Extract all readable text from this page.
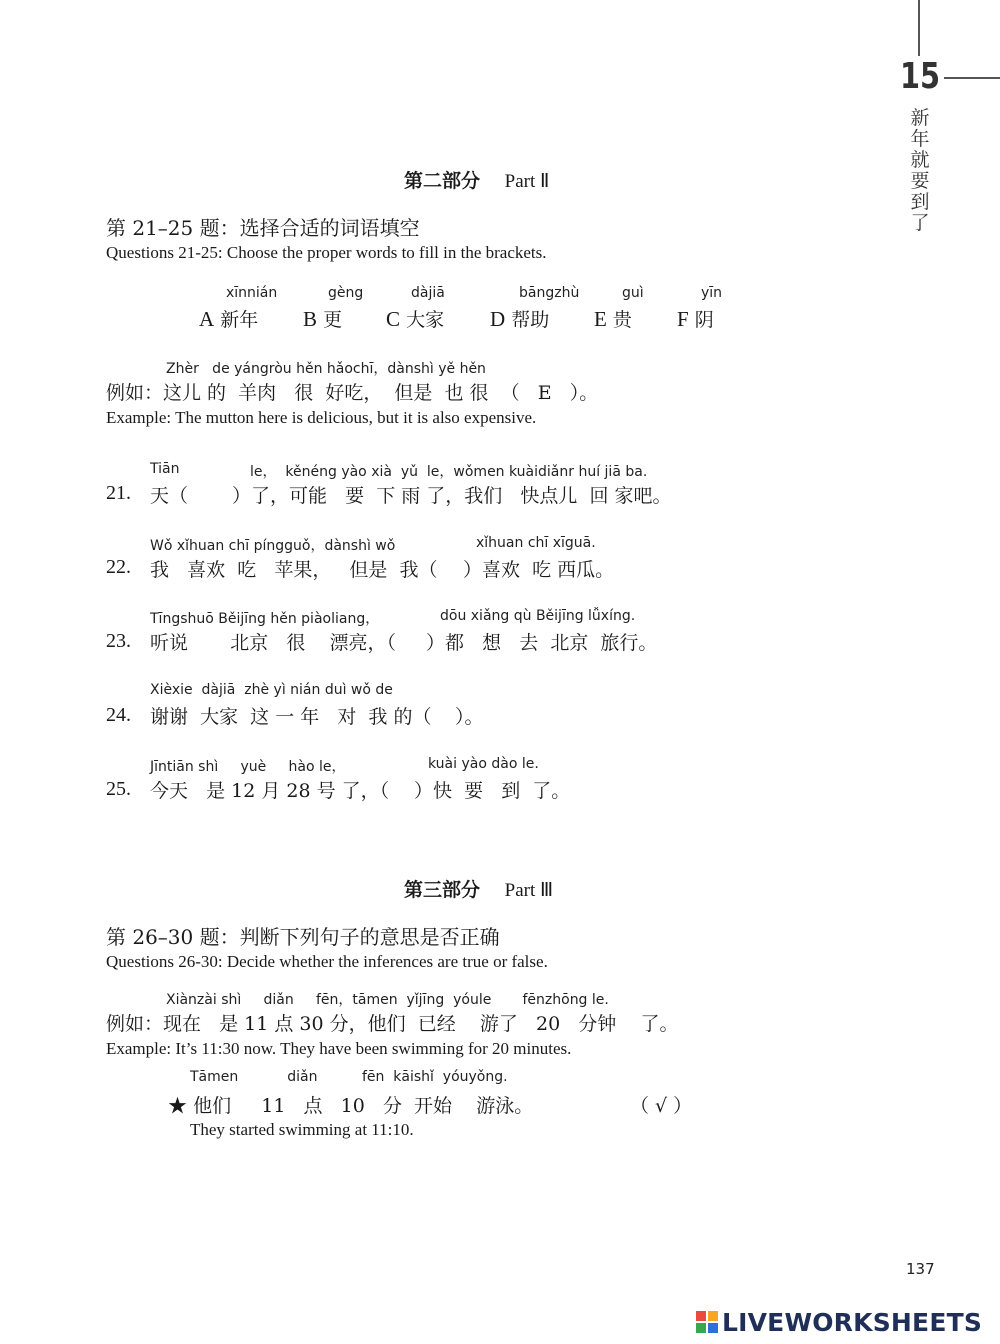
15
新
年
就
要
到
了
第二部分 Part Ⅱ
第 21–25 题：选择合适的词语填空
Questions 21-25: Choose the proper words to fill in the brackets.
xīnnián	gèng	dàjiā	bāngzhù	guì	yīn
A 新年 B 更 C 大家 D 帮助 E 贵 F 阴
Zhèr   de yángròu hěn hǎochī，dànshì yě hěn
例如：这儿 的  羊肉   很  好吃，  但是  也 很 （   E   ）。
Example: The mutton here is delicious, but it is also expensive.
Tiān	le，  kěnéng yào xià  yǔ  le，wǒmen kuàidiǎnr huí jiā ba.
21. 天（ ）了，可能   要  下 雨 了，我们   快点儿  回 家吧。
Wǒ xǐhuan chī píngguǒ，dànshì wǒ	xǐhuan chī xīguā.
22. 我   喜欢  吃   苹果，   但是  我（ ）喜欢  吃 西瓜。
Tīngshuō Běijīng hěn piàoliang，	dōu xiǎng qù Běijīng lǚxíng.
23. 听说       北京   很    漂亮，（ ）都   想   去  北京  旅行。
Xièxie  dàjiā  zhè yì nián duì wǒ de
24. 谢谢  大家  这 一 年   对  我 的（ ）。
Jīntiān shì     yuè     hào le，	kuài yào dào le.
25. 今天   是 12 月 28 号 了，（ ）快  要   到  了。
第三部分 Part Ⅲ
第 26–30 题：判断下列句子的意思是否正确
Questions 26-30: Decide whether the inferences are true or false.
Xiànzài shì     diǎn     fēn，tāmen  yǐjīng  yóule       fēnzhōng le.
例如：现在   是 11 点 30 分，他们  已经    游了   20   分钟    了。
Example: It’s 11:30 now. They have been swimming for 20 minutes.
Tāmen           diǎn          fēn  kāishǐ  yóuyǒng.
★ 他们     11   点   10   分  开始    游泳。	（ √ ）
They started swimming at 11:10.
137
LIVEWORKSHEETS
